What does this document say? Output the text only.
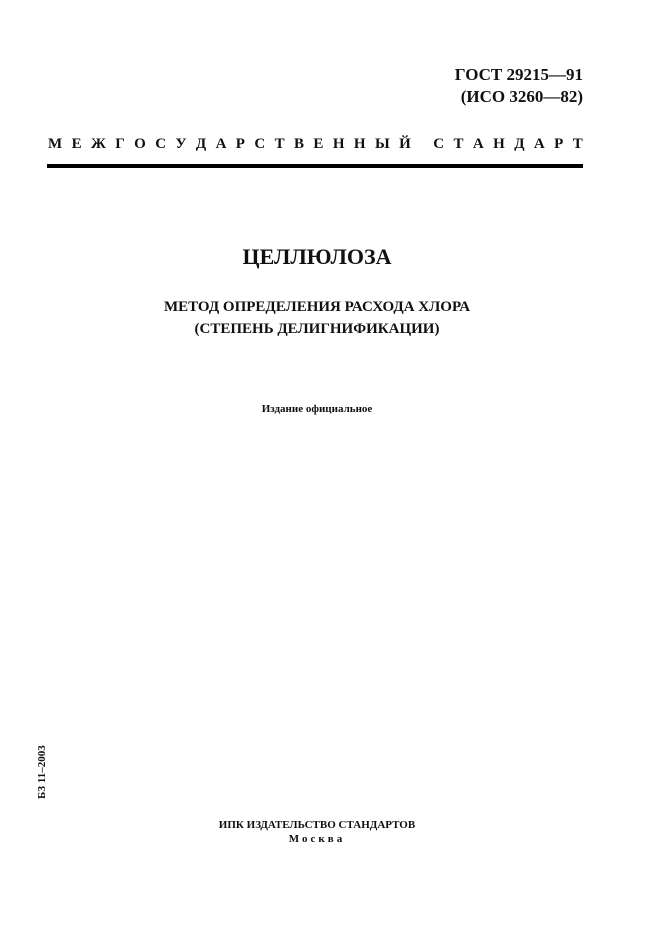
ГОСТ 29215—91
(ИСО 3260—82)
М Е Ж Г О С У Д А Р С Т В Е Н Н Ы Й
С Т А Н Д А Р Т
ЦЕЛЛЮЛОЗА
МЕТОД ОПРЕДЕЛЕНИЯ РАСХОДА ХЛОРА
(СТЕПЕНЬ ДЕЛИГНИФИКАЦИИ)
Издание официальное
БЗ 11–2003
ИПК ИЗДАТЕЛЬСТВО СТАНДАРТОВ
Москва
